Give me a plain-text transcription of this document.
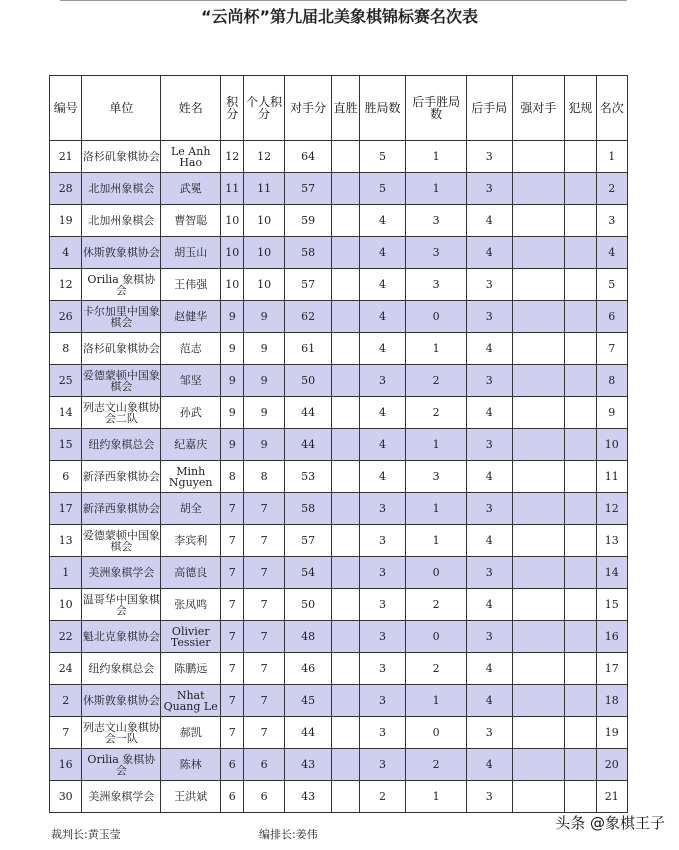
“云尚杯”第九届北美象棋锦标赛名次表
编号	单位	姓名	积分	个人积分	对手分	直胜	胜局数	后手胜局数	后手局	强对手	犯规	名次
21	洛杉矶象棋协会	Le Anh Hao	12	12	64		5	1	3			1
28	北加州象棋会	武冕	11	11	57		5	1	3			2
19	北加州象棋会	曹智聪	10	10	59		4	3	4			3
4	休斯敦象棋协会	胡玉山	10	10	58		4	3	4			4
12	Orilia 象棋协会	王伟强	10	10	57		4	3	3			5
26	卡尔加里中国象棋会	赵健华	9	9	62		4	0	3			6
8	洛杉矶象棋协会	范志	9	9	61		4	1	4			7
25	爱德蒙顿中国象棋会	邹坚	9	9	50		3	2	3			8
14	列志文山象棋协会二队	孙武	9	9	44		4	2	4			9
15	纽约象棋总会	纪嘉庆	9	9	44		4	1	3			10
6	新泽西象棋协会	Minh Nguyen	8	8	53		4	3	4			11
17	新泽西象棋协会	胡全	7	7	58		3	1	3			12
13	爱德蒙顿中国象棋会	李宾利	7	7	57		3	1	4			13
1	美洲象棋学会	高德良	7	7	54		3	0	3			14
10	温哥华中国象棋会	张凤鸣	7	7	50		3	2	4			15
22	魁北克象棋协会	Olivier Tessier	7	7	48		3	0	3			16
24	纽约象棋总会	陈鹏远	7	7	46		3	2	4			17
2	休斯敦象棋协会	Nhat Quang Le	7	7	45		3	1	4			18
7	列志文山象棋协会一队	郝凯	7	7	44		3	0	3			19
16	Orilia 象棋协会	陈林	6	6	43		3	2	4			20
30	美洲象棋学会	王洪斌	6	6	43		2	1	3			21
裁判长:黄玉莹	编排长:姜伟
头条 @象棋王子
